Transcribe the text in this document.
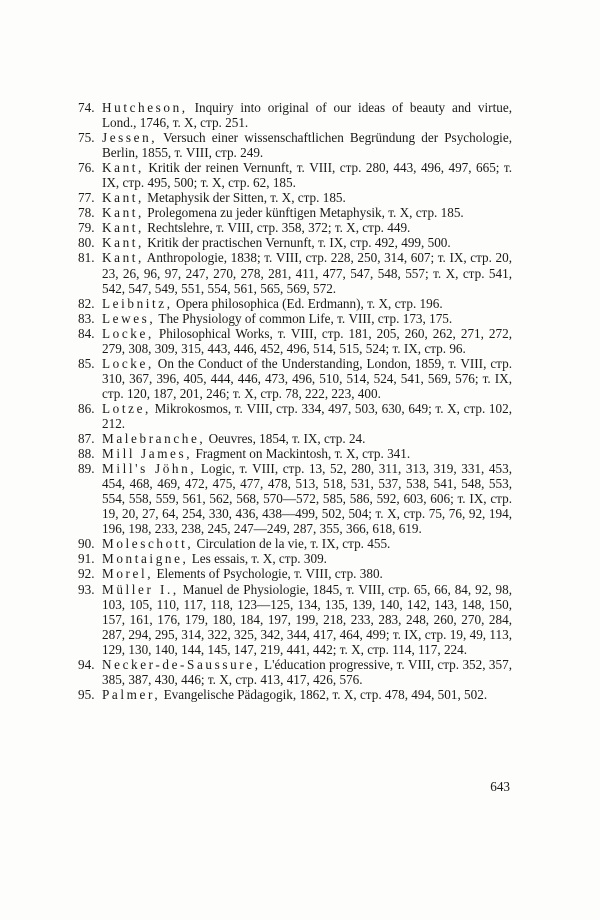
74. Hutcheson, Inquiry into original of our ideas of beauty and virtue, Lond., 1746, т. X, стр. 251.
75. Jessen, Versuch einer wissenschaftlichen Begründung der Psychologie, Berlin, 1855, т. VIII, стр. 249.
76. Kant, Kritik der reinen Vernunft, т. VIII, стр. 280, 443, 496, 497, 665; т. IX, стр. 495, 500; т. X, стр. 62, 185.
77. Kant, Metaphysik der Sitten, т. X, стр. 185.
78. Kant, Prolegomena zu jeder künftigen Metaphysik, т. X, стр. 185.
79. Kant, Rechtslehre, т. VIII, стр. 358, 372; т. X, стр. 449.
80. Kant, Kritik der practischen Vernunft, т. IX, стр. 492, 499, 500.
81. Kant, Anthropologie, 1838; т. VIII, стр. 228, 250, 314, 607; т. IX, стр. 20, 23, 26, 96, 97, 247, 270, 278, 281, 411, 477, 547, 548, 557; т. X, стр. 541, 542, 547, 549, 551, 554, 561, 565, 569, 572.
82. Leibnitz, Opera philosophica (Ed. Erdmann), т. X, стр. 196.
83. Lewes, The Physiology of common Life, т. VIII, стр. 173, 175.
84. Locke, Philosophical Works, т. VIII, стр. 181, 205, 260, 262, 271, 272, 279, 308, 309, 315, 443, 446, 452, 496, 514, 515, 524; т. IX, стр. 96.
85. Locke, On the Conduct of the Understanding, London, 1859, т. VIII, стр. 310, 367, 396, 405, 444, 446, 473, 496, 510, 514, 524, 541, 569, 576; т. IX, стр. 120, 187, 201, 246; т. X, стр. 78, 222, 223, 400.
86. Lotze, Mikrokosmos, т. VIII, стр. 334, 497, 503, 630, 649; т. X, стр. 102, 212.
87. Malebranche, Oeuvres, 1854, т. IX, стр. 24.
88. Mill James, Fragment on Mackintosh, т. X, стр. 341.
89. Mill's Jöhn, Logic, т. VIII, стр. 13, 52, 280, 311, 313, 319, 331, 453, 454, 468, 469, 472, 475, 477, 478, 513, 518, 531, 537, 538, 541, 548, 553, 554, 558, 559, 561, 562, 568, 570—572, 585, 586, 592, 603, 606; т. IX, стр. 19, 20, 27, 64, 254, 330, 436, 438—499, 502, 504; т. X, стр. 75, 76, 92, 194, 196, 198, 233, 238, 245, 247—249, 287, 355, 366, 618, 619.
90. Moleschott, Circulation de la vie, т. IX, стр. 455.
91. Montaigne, Les essais, т. X, стр. 309.
92. Morel, Elements of Psychologie, т. VIII, стр. 380.
93. Müller I., Manuel de Physiologie, 1845, т. VIII, стр. 65, 66, 84, 92, 98, 103, 105, 110, 117, 118, 123—125, 134, 135, 139, 140, 142, 143, 148, 150, 157, 161, 176, 179, 180, 184, 197, 199, 218, 233, 283, 248, 260, 270, 284, 287, 294, 295, 314, 322, 325, 342, 344, 417, 464, 499; т. IX, стр. 19, 49, 113, 129, 130, 140, 144, 145, 147, 219, 441, 442; т. X, стр. 114, 117, 224.
94. Necker-de-Saussure, L'éducation progressive, т. VIII, стр. 352, 357, 385, 387, 430, 446; т. X, стр. 413, 417, 426, 576.
95. Palmer, Evangelische Pädagogik, 1862, т. X, стр. 478, 494, 501, 502.
643
